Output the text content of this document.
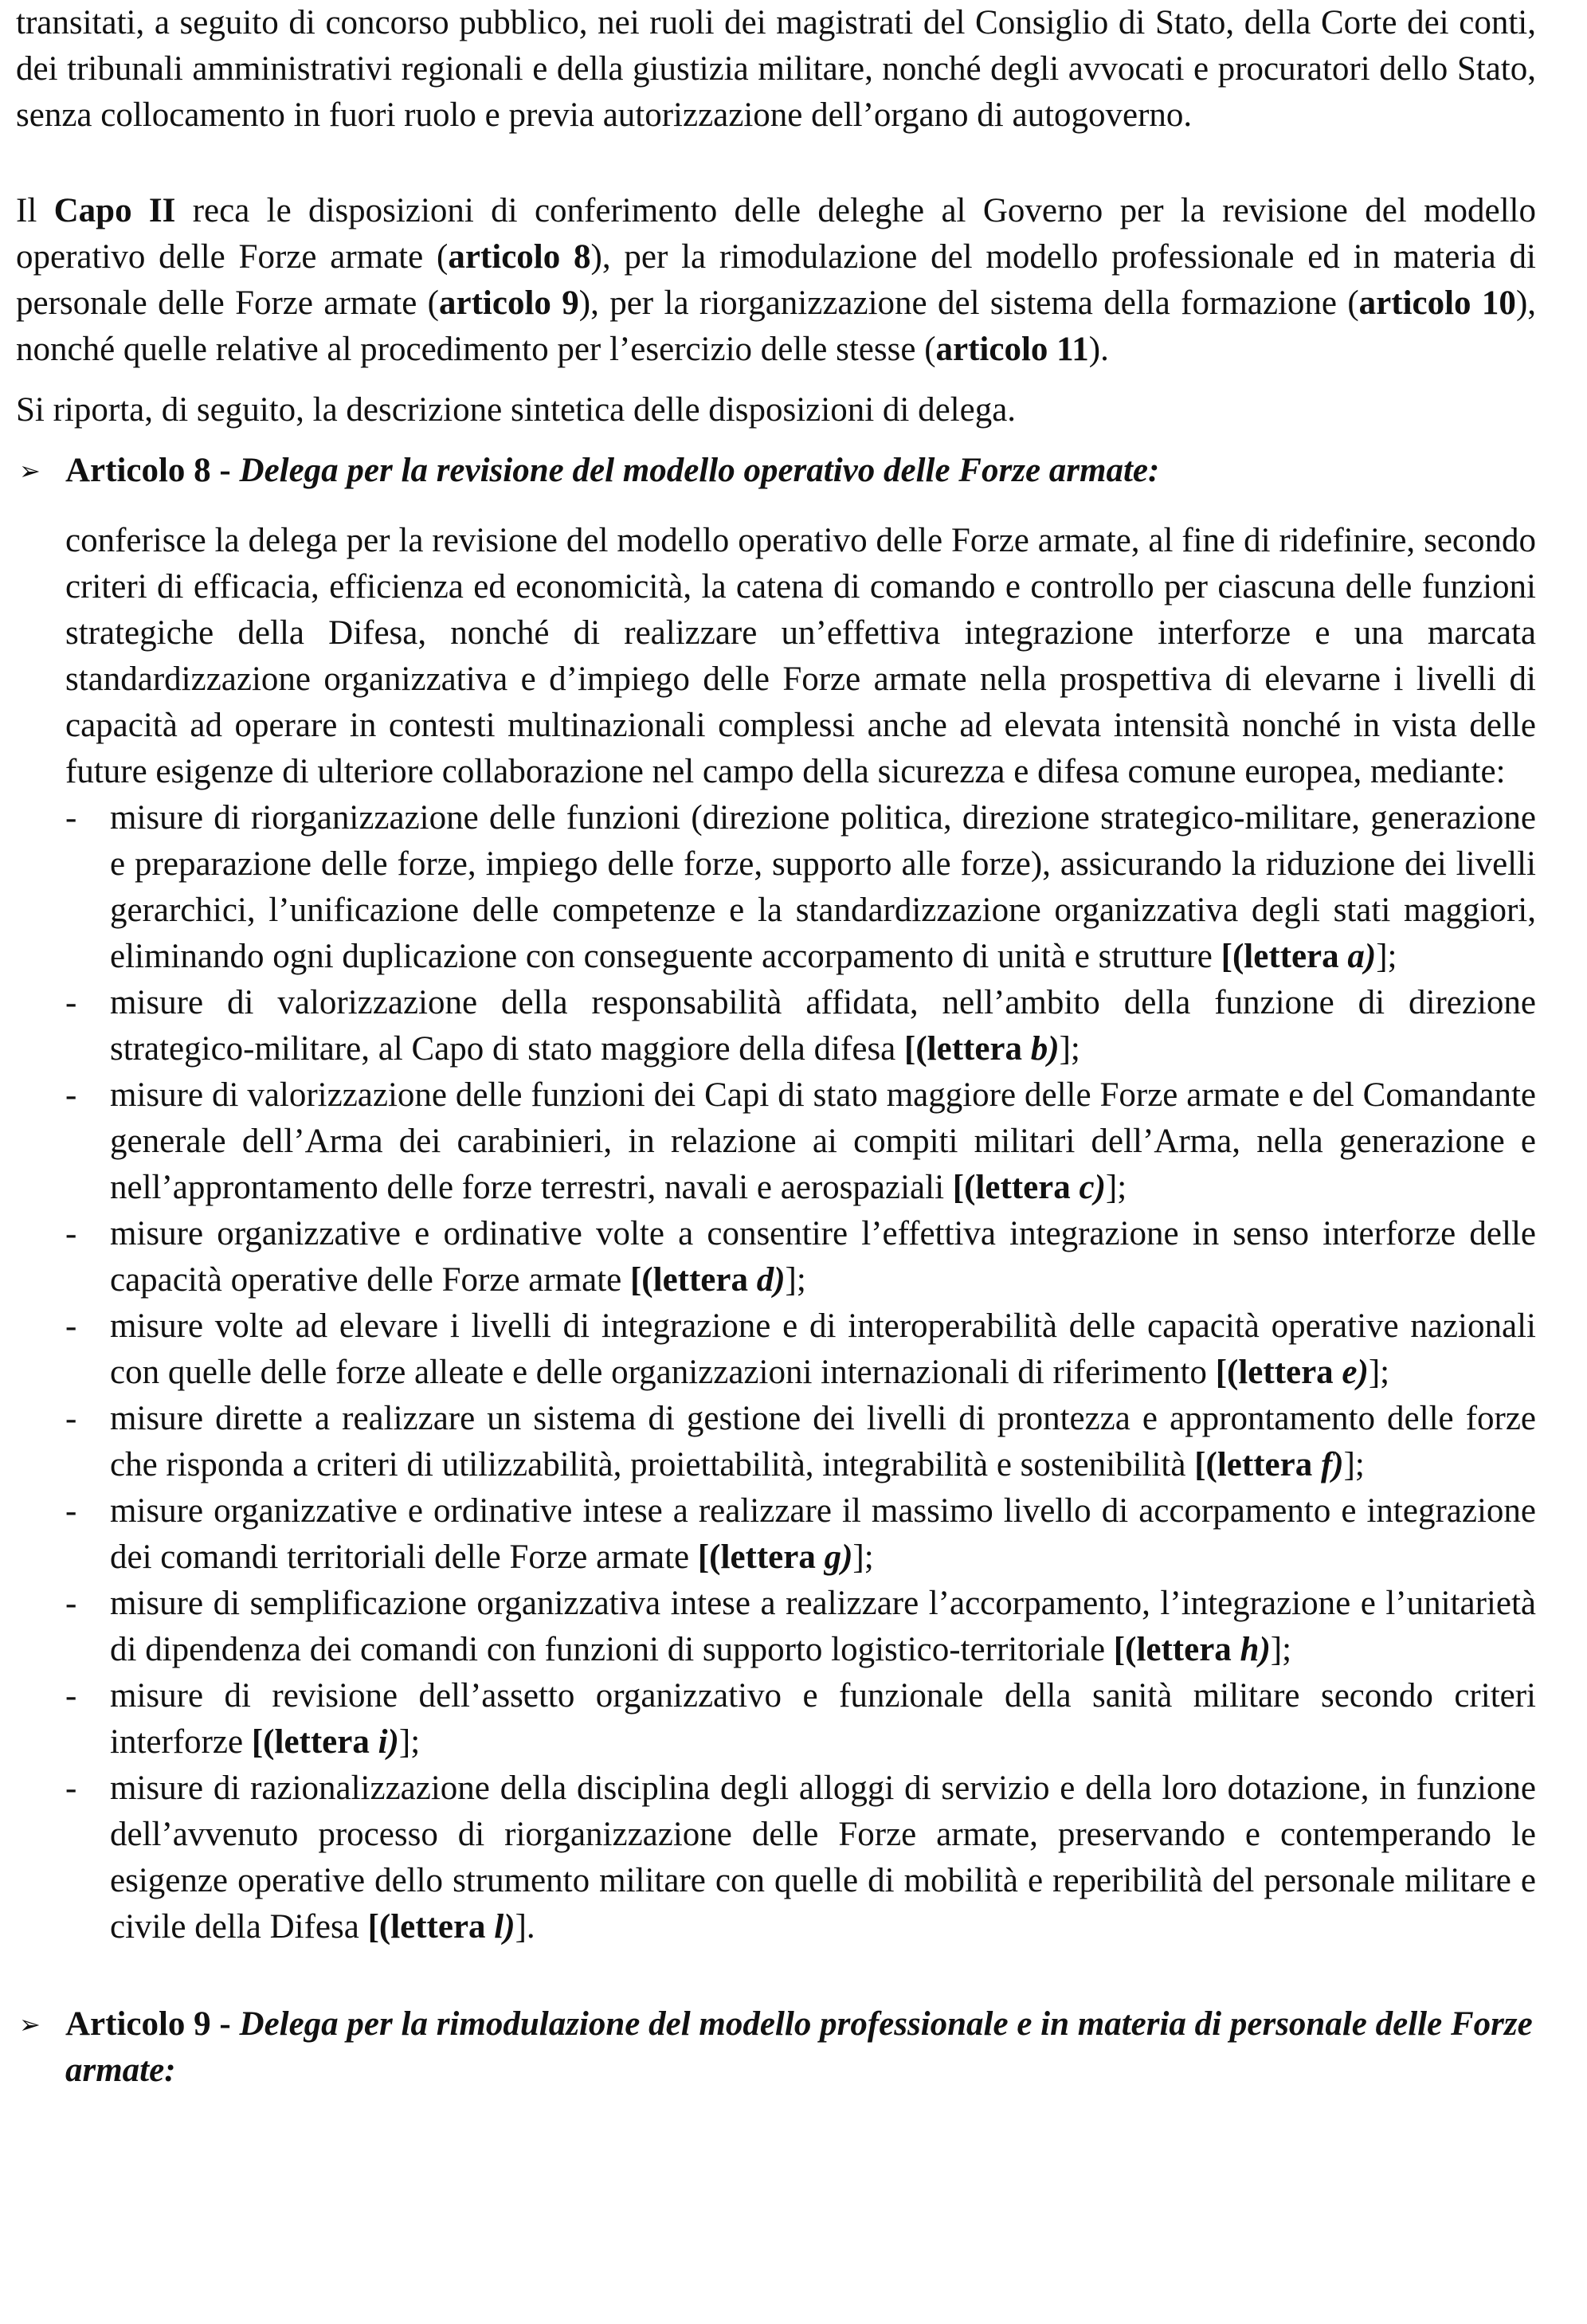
transitati, a seguito di concorso pubblico, nei ruoli dei magistrati del Consiglio di Stato, della Corte dei conti, dei tribunali amministrativi regionali e della giustizia militare, nonché degli avvocati e procuratori dello Stato, senza collocamento in fuori ruolo e previa autorizzazione dell’organo di autogoverno.

Il Capo II reca le disposizioni di conferimento delle deleghe al Governo per la revisione del modello operativo delle Forze armate (articolo 8), per la rimodulazione del modello professionale ed in materia di personale delle Forze armate (articolo 9), per la riorganizzazione del sistema della formazione (articolo 10), nonché quelle relative al procedimento per l’esercizio delle stesse (articolo 11).

Si riporta, di seguito, la descrizione sintetica delle disposizioni di delega.

➢ Articolo 8 - Delega per la revisione del modello operativo delle Forze armate:

conferisce la delega per la revisione del modello operativo delle Forze armate, al fine di ridefinire, secondo criteri di efficacia, efficienza ed economicità, la catena di comando e controllo per ciascuna delle funzioni strategiche della Difesa, nonché di realizzare un’effettiva integrazione interforze e una marcata standardizzazione organizzativa e d’impiego delle Forze armate nella prospettiva di elevarne i livelli di capacità ad operare in contesti multinazionali complessi anche ad elevata intensità nonché in vista delle future esigenze di ulteriore collaborazione nel campo della sicurezza e difesa comune europea, mediante:

- misure di riorganizzazione delle funzioni (direzione politica, direzione strategico-militare, generazione e preparazione delle forze, impiego delle forze, supporto alle forze), assicurando la riduzione dei livelli gerarchici, l’unificazione delle competenze e la standardizzazione organizzativa degli stati maggiori, eliminando ogni duplicazione con conseguente accorpamento di unità e strutture [(lettera a)];
- misure di valorizzazione della responsabilità affidata, nell’ambito della funzione di direzione strategico-militare, al Capo di stato maggiore della difesa [(lettera b)];
- misure di valorizzazione delle funzioni dei Capi di stato maggiore delle Forze armate e del Comandante generale dell’Arma dei carabinieri, in relazione ai compiti militari dell’Arma, nella generazione e nell’approntamento delle forze terrestri, navali e aerospaziali [(lettera c)];
- misure organizzative e ordinative volte a consentire l’effettiva integrazione in senso interforze delle capacità operative delle Forze armate [(lettera d)];
- misure volte ad elevare i livelli di integrazione e di interoperabilità delle capacità operative nazionali con quelle delle forze alleate e delle organizzazioni internazionali di riferimento [(lettera e)];
- misure dirette a realizzare un sistema di gestione dei livelli di prontezza e approntamento delle forze che risponda a criteri di utilizzabilità, proiettabilità, integrabilità e sostenibilità [(lettera f)];
- misure organizzative e ordinative intese a realizzare il massimo livello di accorpamento e integrazione dei comandi territoriali delle Forze armate [(lettera g)];
- misure di semplificazione organizzativa intese a realizzare l’accorpamento, l’integrazione e l’unitarietà di dipendenza dei comandi con funzioni di supporto logistico-territoriale [(lettera h)];
- misure di revisione dell’assetto organizzativo e funzionale della sanità militare secondo criteri interforze [(lettera i)];
- misure di razionalizzazione della disciplina degli alloggi di servizio e della loro dotazione, in funzione dell’avvenuto processo di riorganizzazione delle Forze armate, preservando e contemperando le esigenze operative dello strumento militare con quelle di mobilità e reperibilità del personale militare e civile della Difesa [(lettera l)].
➢ Articolo 9 - Delega per la rimodulazione del modello professionale e in materia di personale delle Forze armate:
